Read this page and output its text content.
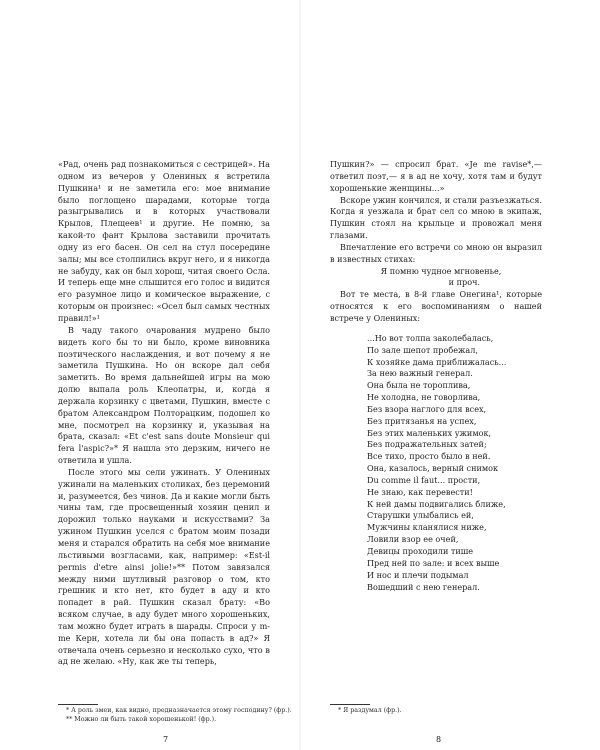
«Рад, очень рад познакомиться с сестрицей». На одном из вечеров у Олениных я встретила Пушкина¹ и не заметила его: мое внимание было поглощено шарадами, которые тогда разыгрывались и в которых участвовали Крылов, Плещеев¹ и другие. Не помню, за какой-то фант Крылова заставили прочитать одну из его басен. Он сел на стул посередине залы; мы все столпились вкруг него, и я никогда не забуду, как он был хорош, читая своего Осла. И теперь еще мне слышится его голос и видится его разумное лицо и комическое выражение, с которым он произнес: «Осел был самых честных правил!»¹

В чаду такого очарования мудрено было видеть кого бы то ни было, кроме виновника поэтического наслаждения, и вот почему я не заметила Пушкина. Но он вскоре дал себя заметить. Во время дальнейшей игры на мою долю выпала роль Клеопатры, и, когда я держала корзинку с цветами, Пушкин, вместе с братом Александром Полторацким, подошел ко мне, посмотрел на корзинку и, указывая на брата, сказал: «Et c'est sans doute Monsieur qui fera l'aspic?»* Я нашла это дерзким, ничего не ответила и ушла.

После этого мы сели ужинать. У Олениных ужинали на маленьких столиках, без церемоний и, разумеется, без чинов. Да и какие могли быть чины там, где просвещенный хозяин ценил и дорожил только науками и искусствами? За ужином Пушкин уселся с братом моим позади меня и старался обратить на себя мое внимание льстивыми возгласами, как, например: «Est-il permis d'etre ainsi jolie!»** Потом завязался между ними шутливый разговор о том, кто грешник и кто нет, кто будет в аду и кто попадет в рай. Пушкин сказал брату: «Во всяком случае, в аду будет много хорошеньких, там можно будет играть в шарады. Спроси у m-me Керн, хотела ли бы она попасть в ад?» Я отвечала очень серьезно и несколько сухо, что в ад не желаю. «Ну, как же ты теперь,

* А роль змеи, как видно, предназначается этому господину? (фр.).
** Можно ли быть такой хорошенькой! (фр.).
7

Пушкин?» — спросил брат. «Je me ravise*,— ответил поэт,— я в ад не хочу, хотя там и будут хорошенькие женщины...»

Вскоре ужин кончился, и стали разъезжаться. Когда я уезжала и брат сел со мною в экипаж, Пушкин стоял на крыльце и провожал меня глазами.

Впечатление его встречи со мною он выразил в известных стихах:

Я помню чудное мгновенье,

и проч.

Вот те места, в 8-й главе Онегина¹, которые относятся к его воспоминаниям о нашей встрече у Олениных:

...Но вот толпа заколебалась,
По зале шепот пробежал,
К хозяйке дама приближалась...
За нею важный генерал.
Она была не тороплива,
Не холодна, не говорлива,
Без взора наглого для всех,
Без притязанья на успех,
Без этих маленьких ужимок,
Без подражательных затей;
Все тихо, просто было в ней.
Она, казалось, верный снимок
Du comme il faut... прости,
Не знаю, как перевести!
К ней дамы подвигались ближе,
Старушки улыбались ей,
Мужчины кланялися ниже,
Ловили взор ее очей,
Девицы проходили тише
Пред ней по зале: и всех выше
И нос и плечи подымал
Вошедший с нею генерал.
* Я раздумал (фр.).
8
